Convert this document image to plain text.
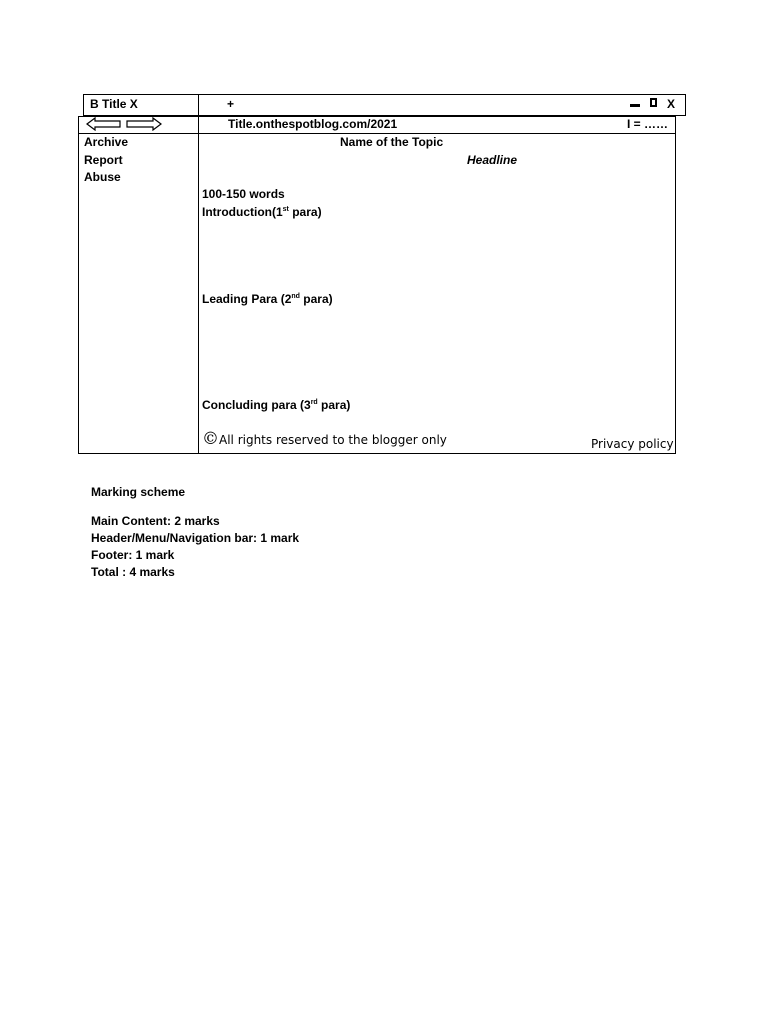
B Title X	+	X
Title.onthespotblog.com/2021	I = ……
Archive
Report
Abuse
Name of the Topic
Headline
100-150 words
Introduction(1st para)
Leading Para (2nd para)
Concluding para (3rd para)
©All rights reserved to the blogger only	Privacy policy
Marking scheme
Main Content: 2 marks
Header/Menu/Navigation bar: 1 mark
Footer: 1 mark
Total : 4 marks
